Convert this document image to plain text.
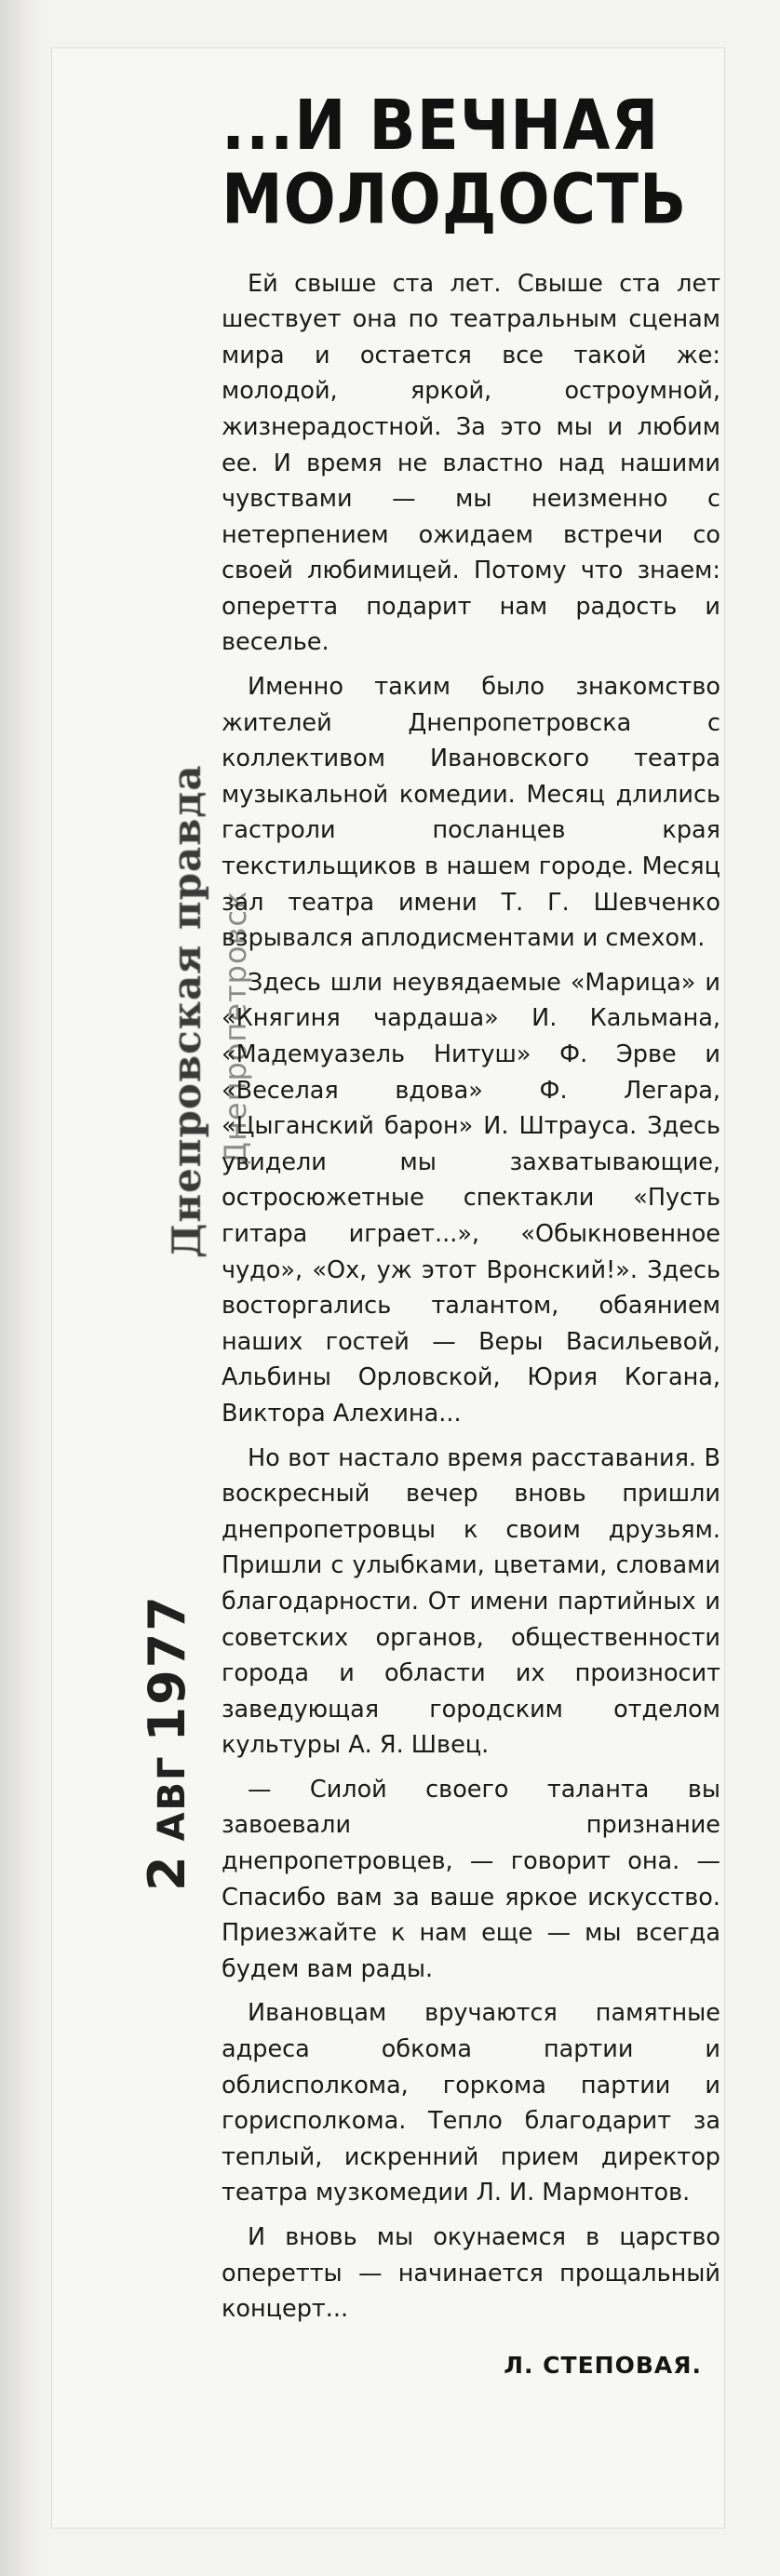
Днепровская правда Днепропетровск
2АВГ1977
...И ВЕЧНАЯ
МОЛОДОСТЬ

Ей свыше ста лет. Свыше ста лет шествует она по театральным сценам мира и остается все такой же: молодой, яркой, остроумной, жизнерадостной. За это мы и любим ее. И время не властно над нашими чувствами — мы неизменно с нетерпением ожидаем встречи со своей любимицей. Потому что знаем: оперетта подарит нам радость и веселье.

Именно таким было знакомство жителей Днепропетровска с коллективом Ивановского театра музыкальной комедии. Месяц длились гастроли посланцев края текстильщиков в нашем городе. Месяц зал театра имени Т. Г. Шевченко взрывался аплодисментами и смехом.

Здесь шли неувядаемые «Марица» и «Княгиня чардаша» И. Кальмана, «Мадемуазель Нитуш» Ф. Эрве и «Веселая вдова» Ф. Легара, «Цыганский барон» И. Штрауса. Здесь увидели мы захватывающие, остросюжетные спектакли «Пусть гитара играет...», «Обыкновенное чудо», «Ох, уж этот Вронский!». Здесь восторгались талантом, обаянием наших гостей — Веры Васильевой, Альбины Орловской, Юрия Когана, Виктора Алехина...

Но вот настало время расставания. В воскресный вечер вновь пришли днепропетровцы к своим друзьям. Пришли с улыбками, цветами, словами благодарности. От имени партийных и советских органов, общественности города и области их произносит заведующая городским отделом культуры А. Я. Швец.

— Силой своего таланта вы завоевали признание днепропетровцев, — говорит она. — Спасибо вам за ваше яркое искусство. Приезжайте к нам еще — мы всегда будем вам рады.

Ивановцам вручаются памятные адреса обкома партии и облисполкома, горкома партии и горисполкома. Тепло благодарит за теплый, искренний прием директор театра музкомедии Л. И. Мармонтов.

И вновь мы окунаемся в царство оперетты — начинается прощальный концерт...

Л. СТЕПОВАЯ.
